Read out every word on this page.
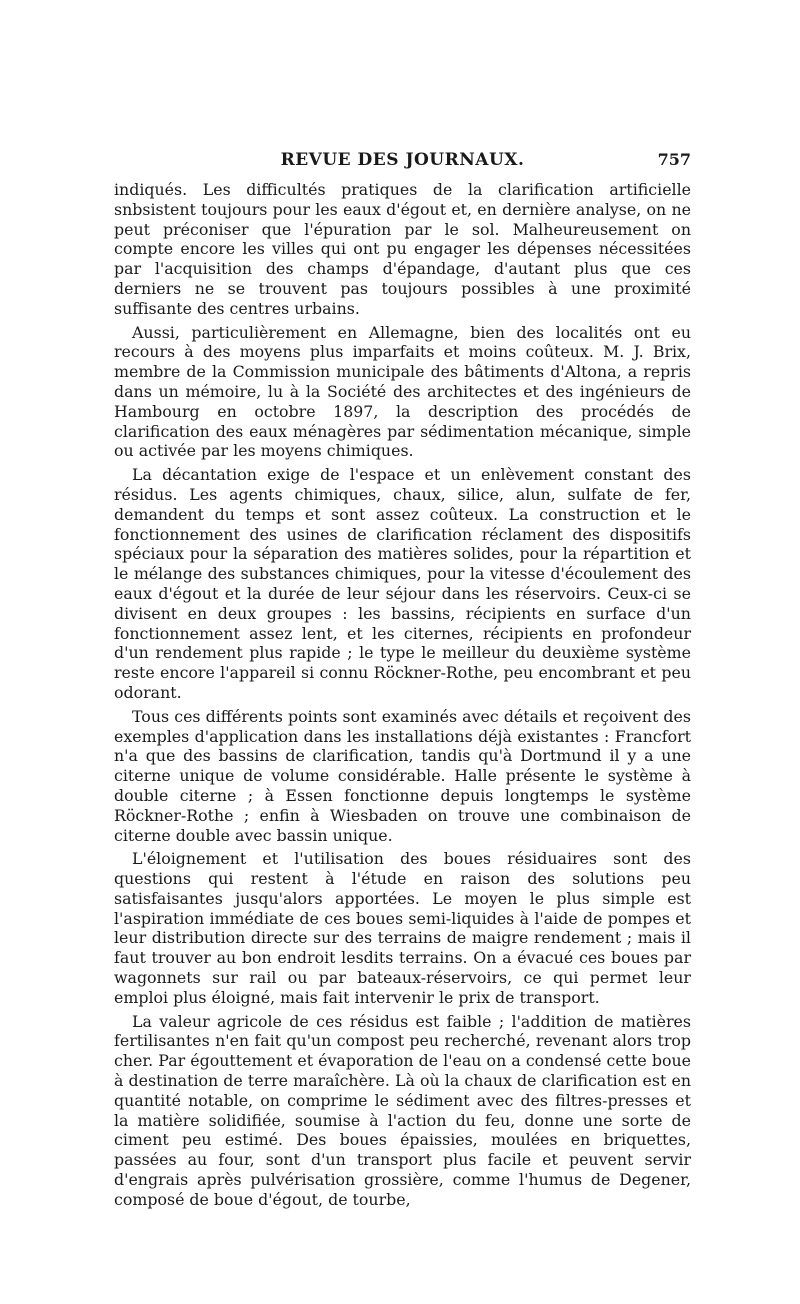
REVUE DES JOURNAUX.	757

indiqués. Les difficultés pratiques de la clarification artificielle snbsistent toujours pour les eaux d'égout et, en dernière analyse, on ne peut préconiser que l'épuration par le sol. Malheureusement on compte encore les villes qui ont pu engager les dépenses nécessitées par l'acquisition des champs d'épandage, d'autant plus que ces derniers ne se trouvent pas toujours possibles à une proximité suffisante des centres urbains.

Aussi, particulièrement en Allemagne, bien des localités ont eu recours à des moyens plus imparfaits et moins coûteux. M. J. Brix, membre de la Commission municipale des bâtiments d'Altona, a repris dans un mémoire, lu à la Société des architectes et des ingénieurs de Hambourg en octobre 1897, la description des procédés de clarification des eaux ménagères par sédimentation mécanique, simple ou activée par les moyens chimiques.

La décantation exige de l'espace et un enlèvement constant des résidus. Les agents chimiques, chaux, silice, alun, sulfate de fer, demandent du temps et sont assez coûteux. La construction et le fonctionnement des usines de clarification réclament des dispositifs spéciaux pour la séparation des matières solides, pour la répartition et le mélange des substances chimiques, pour la vitesse d'écoulement des eaux d'égout et la durée de leur séjour dans les réservoirs. Ceux-ci se divisent en deux groupes : les bassins, récipients en surface d'un fonctionnement assez lent, et les citernes, récipients en profondeur d'un rendement plus rapide ; le type le meilleur du deuxième système reste encore l'appareil si connu Röckner-Rothe, peu encombrant et peu odorant.

Tous ces différents points sont examinés avec détails et reçoivent des exemples d'application dans les installations déjà existantes : Francfort n'a que des bassins de clarification, tandis qu'à Dortmund il y a une citerne unique de volume considérable. Halle présente le système à double citerne ; à Essen fonctionne depuis longtemps le système Röckner-Rothe ; enfin à Wiesbaden on trouve une combinaison de citerne double avec bassin unique.

L'éloignement et l'utilisation des boues résiduaires sont des questions qui restent à l'étude en raison des solutions peu satisfaisantes jusqu'alors apportées. Le moyen le plus simple est l'aspiration immédiate de ces boues semi-liquides à l'aide de pompes et leur distribution directe sur des terrains de maigre rendement ; mais il faut trouver au bon endroit lesdits terrains. On a évacué ces boues par wagonnets sur rail ou par bateaux-réservoirs, ce qui permet leur emploi plus éloigné, mais fait intervenir le prix de transport.

La valeur agricole de ces résidus est faible ; l'addition de matières fertilisantes n'en fait qu'un compost peu recherché, revenant alors trop cher. Par égouttement et évaporation de l'eau on a condensé cette boue à destination de terre maraîchère. Là où la chaux de clarification est en quantité notable, on comprime le sédiment avec des filtres-presses et la matière solidifiée, soumise à l'action du feu, donne une sorte de ciment peu estimé. Des boues épaissies, moulées en briquettes, passées au four, sont d'un transport plus facile et peuvent servir d'engrais après pulvérisation grossière, comme l'humus de Degener, composé de boue d'égout, de tourbe,
